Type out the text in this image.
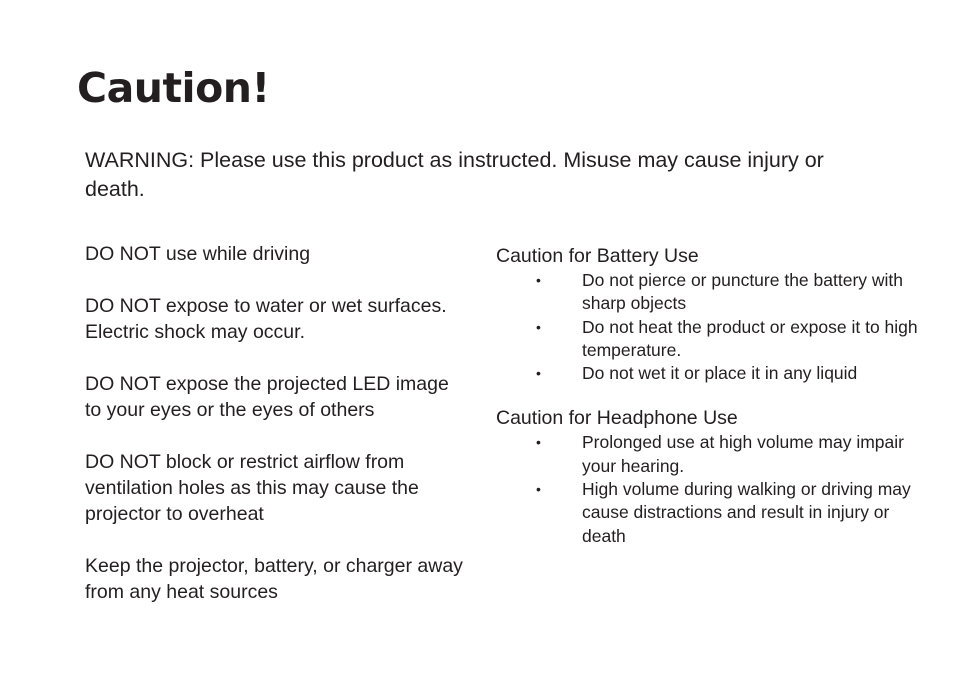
Caution!

WARNING: Please use this product as instructed. Misuse may cause injury or death.

DO NOT use while driving

DO NOT expose to water or wet surfaces. Electric shock may occur.

DO NOT expose the projected LED image to your eyes or the eyes of others

DO NOT block or restrict airflow from ventilation holes as this may cause the projector to overheat

Keep the projector, battery, or charger away from any heat sources

Caution for Battery Use
• Do not pierce or puncture the battery with sharp objects
• Do not heat the product or expose it to high temperature.
• Do not wet it or place it in any liquid
Caution for Headphone Use
• Prolonged use at high volume may impair your hearing.
• High volume during walking or driving may cause distractions and result in injury or death
